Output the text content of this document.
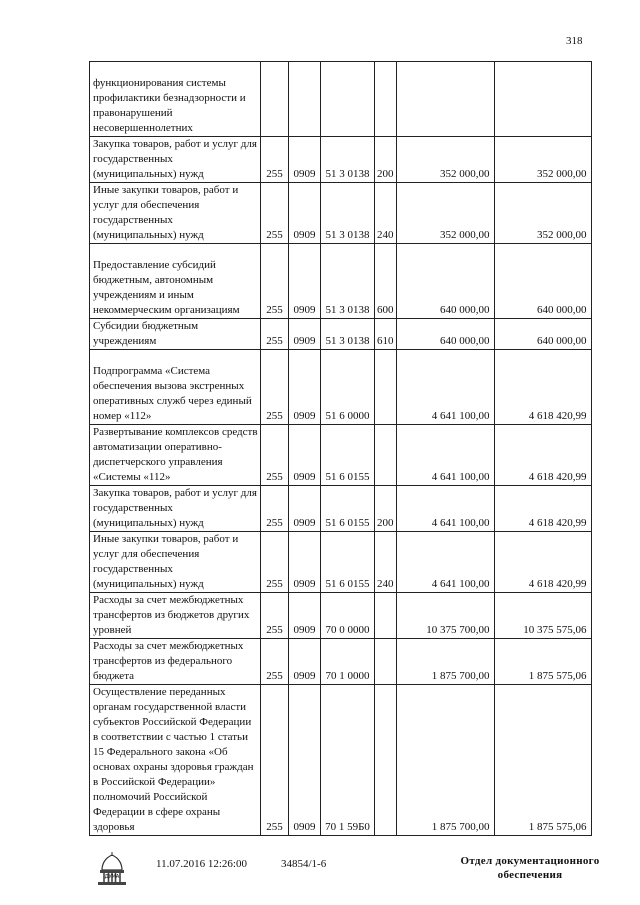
318
функционирования системы профилактики безнадзорности и правонарушений несовершеннолетних						
Закупка товаров, работ и услуг для государственных (муниципальных) нужд	255	0909	51 3 0138	200	352 000,00	352 000,00
Иные закупки товаров, работ и услуг для обеспечения государственных (муниципальных) нужд	255	0909	51 3 0138	240	352 000,00	352 000,00
Предоставление субсидий бюджетным, автономным учреждениям и иным некоммерческим организациям	255	0909	51 3 0138	600	640 000,00	640 000,00
Субсидии бюджетным учреждениям	255	0909	51 3 0138	610	640 000,00	640 000,00
Подпрограмма «Система обеспечения вызова экстренных оперативных служб через единый номер «112»	255	0909	51 6 0000		4 641 100,00	4 618 420,99
Развертывание комплексов средств автоматизации оперативно-диспетчерского управления «Системы «112»	255	0909	51 6 0155		4 641 100,00	4 618 420,99
Закупка товаров, работ и услуг для государственных (муниципальных) нужд	255	0909	51 6 0155	200	4 641 100,00	4 618 420,99
Иные закупки товаров, работ и услуг для обеспечения государственных (муниципальных) нужд	255	0909	51 6 0155	240	4 641 100,00	4 618 420,99
Расходы за счет межбюджетных трансфертов из бюджетов других уровней	255	0909	70 0 0000		10 375 700,00	10 375 575,06
Расходы за счет межбюджетных трансфертов из федерального бюджета	255	0909	70 1 0000		1 875 700,00	1 875 575,06
Осуществление переданных органам государственной власти субъектов Российской Федерации в соответствии с частью 1 статьи 15 Федерального закона «Об основах охраны здоровья граждан в Российской Федерации» полномочий Российской Федерации в сфере охраны здоровья	255	0909	70 1 59Б0		1 875 700,00	1 875 575,06
ДУМА
11.07.2016 12:26:00	34854/1-6	Отдел документационного обеспечения
